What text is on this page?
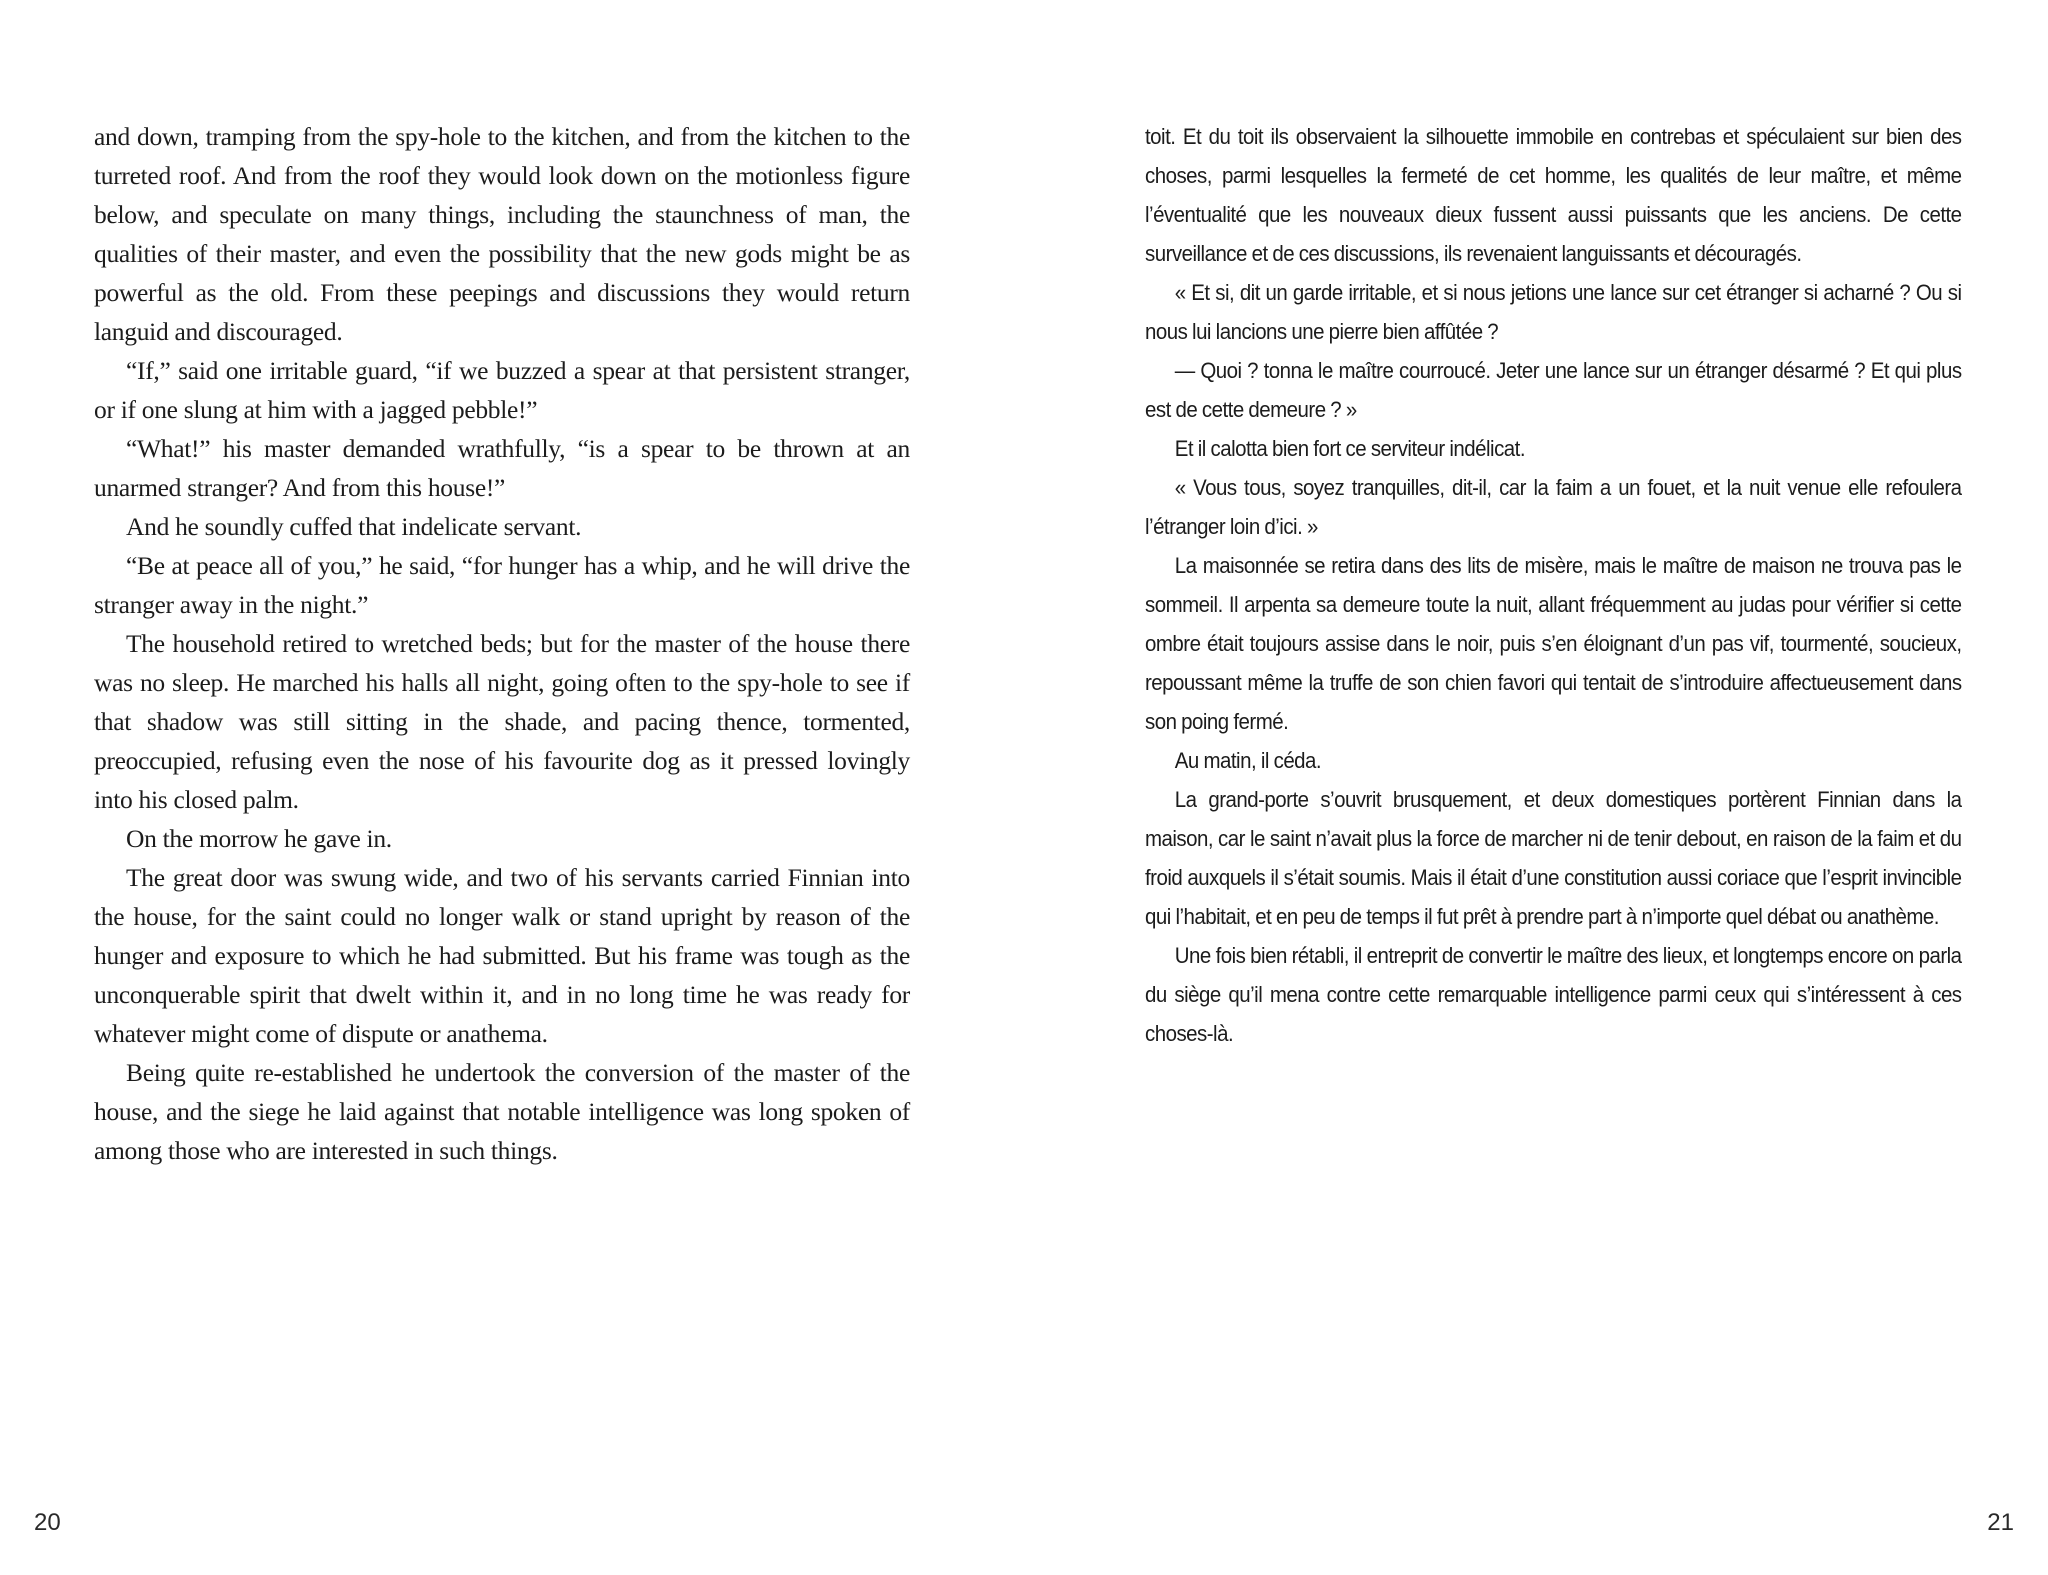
and down, tramping from the spy-hole to the kitchen, and from the kitchen to the turreted roof. And from the roof they would look down on the motionless figure below, and speculate on many things, including the staunchness of man, the qualities of their master, and even the possibility that the new gods might be as powerful as the old. From these peepings and discussions they would return languid and discouraged.

“If,” said one irritable guard, “if we buzzed a spear at that persistent stranger, or if one slung at him with a jagged pebble!”

“What!” his master demanded wrathfully, “is a spear to be thrown at an unarmed stranger? And from this house!”

And he soundly cuffed that indelicate servant.

“Be at peace all of you,” he said, “for hunger has a whip, and he will drive the stranger away in the night.”

The household retired to wretched beds; but for the master of the house there was no sleep. He marched his halls all night, going often to the spy-hole to see if that shadow was still sitting in the shade, and pacing thence, tormented, preoccupied, refusing even the nose of his favourite dog as it pressed lovingly into his closed palm.

On the morrow he gave in.

The great door was swung wide, and two of his servants carried Finnian into the house, for the saint could no longer walk or stand upright by reason of the hunger and exposure to which he had submitted. But his frame was tough as the unconquerable spirit that dwelt within it, and in no long time he was ready for whatever might come of dispute or anathema.

Being quite re-established he undertook the conversion of the master of the house, and the siege he laid against that notable intelligence was long spoken of among those who are interested in such things.

20

toit. Et du toit ils observaient la silhouette immobile en contrebas et spéculaient sur bien des choses, parmi lesquelles la fermeté de cet homme, les qualités de leur maître, et même l’éventualité que les nouveaux dieux fussent aussi puissants que les anciens. De cette surveillance et de ces discussions, ils revenaient languissants et découragés.

« Et si, dit un garde irritable, et si nous jetions une lance sur cet étranger si acharné ? Ou si nous lui lancions une pierre bien affûtée ?

— Quoi ? tonna le maître courroucé. Jeter une lance sur un étranger désarmé ? Et qui plus est de cette demeure ? »

Et il calotta bien fort ce serviteur indélicat.

« Vous tous, soyez tranquilles, dit-il, car la faim a un fouet, et la nuit venue elle refoulera l’étranger loin d’ici. »

La maisonnée se retira dans des lits de misère, mais le maître de maison ne trouva pas le sommeil. Il arpenta sa demeure toute la nuit, allant fréquemment au judas pour vérifier si cette ombre était toujours assise dans le noir, puis s’en éloignant d’un pas vif, tourmenté, soucieux, repoussant même la truffe de son chien favori qui tentait de s’introduire affectueusement dans son poing fermé.

Au matin, il céda.

La grand-porte s’ouvrit brusquement, et deux domestiques portèrent Finnian dans la maison, car le saint n’avait plus la force de marcher ni de tenir debout, en raison de la faim et du froid auxquels il s’était soumis. Mais il était d’une constitution aussi coriace que l’esprit invincible qui l’habitait, et en peu de temps il fut prêt à prendre part à n’importe quel débat ou anathème.

Une fois bien rétabli, il entreprit de convertir le maître des lieux, et longtemps encore on parla du siège qu’il mena contre cette remarquable intelligence parmi ceux qui s’intéressent à ces choses-là.

21
